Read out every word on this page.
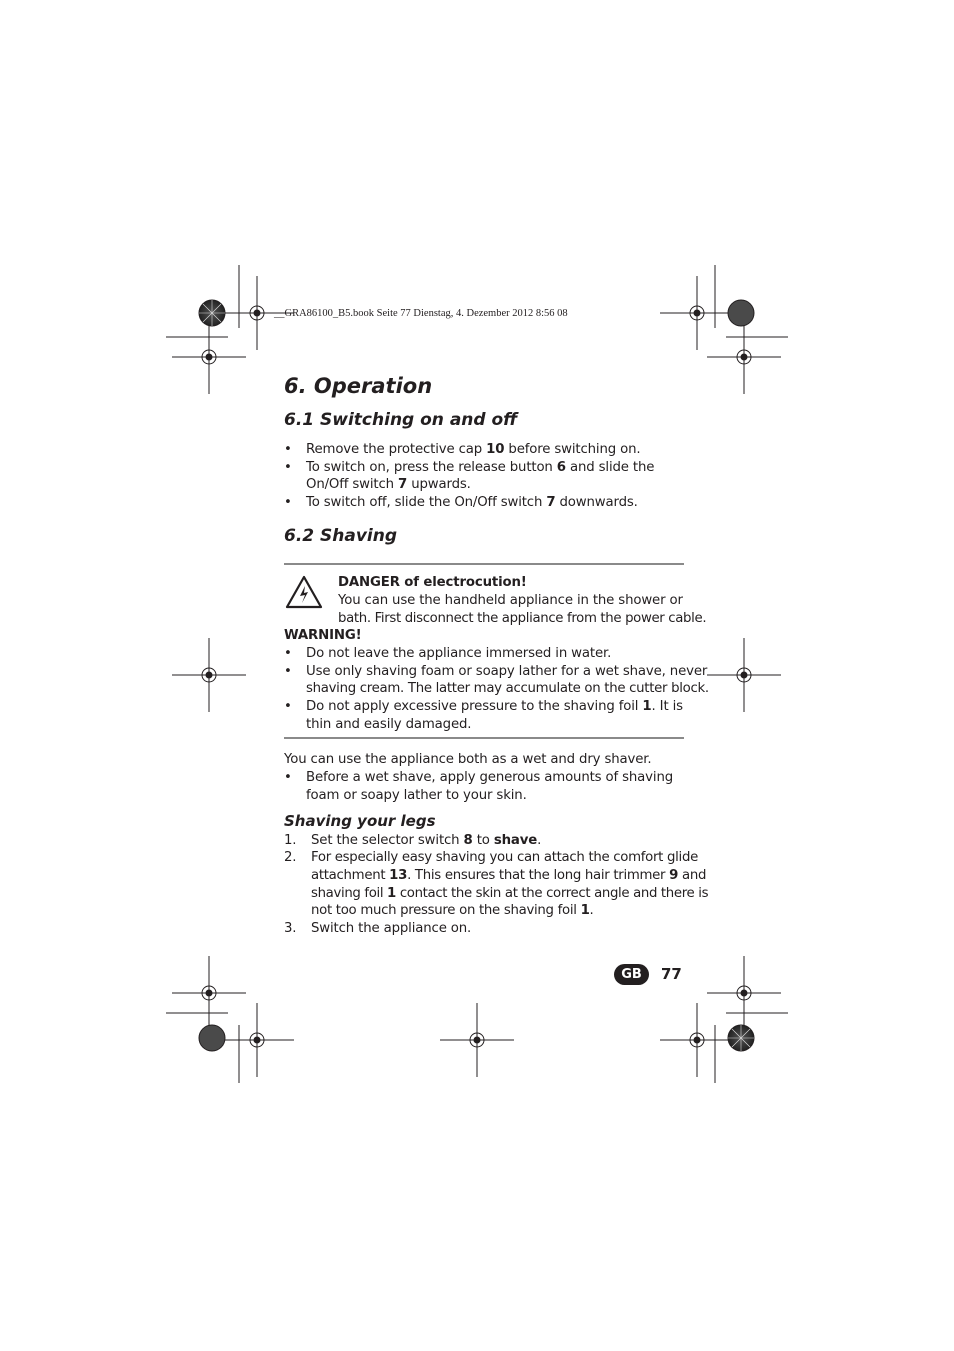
__GRA86100_B5.book Seite 77 Dienstag, 4. Dezember 2012 8:56 08
6. Operation
6.1 Switching on and off
• Remove the protective cap 10 before switching on.
• To switch on, press the release button 6 and slide the
On/Off switch 7 upwards.
• To switch off, slide the On/Off switch 7 downwards.
6.2 Shaving
DANGER of electrocution!
You can use the handheld appliance in the shower or
bath. First disconnect the appliance from the power cable.
WARNING!
• Do not leave the appliance immersed in water.
• Use only shaving foam or soapy lather for a wet shave, never
shaving cream. The latter may accumulate on the cutter block.
• Do not apply excessive pressure to the shaving foil 1. It is
thin and easily damaged.
You can use the appliance both as a wet and dry shaver.
• Before a wet shave, apply generous amounts of shaving
foam or soapy lather to your skin.
Shaving your legs
1. Set the selector switch 8 to shave.
2. For especially easy shaving you can attach the comfort glide
attachment 13. This ensures that the long hair trimmer 9 and
shaving foil 1 contact the skin at the correct angle and there is
not too much pressure on the shaving foil 1.
3. Switch the appliance on.
GB	77
